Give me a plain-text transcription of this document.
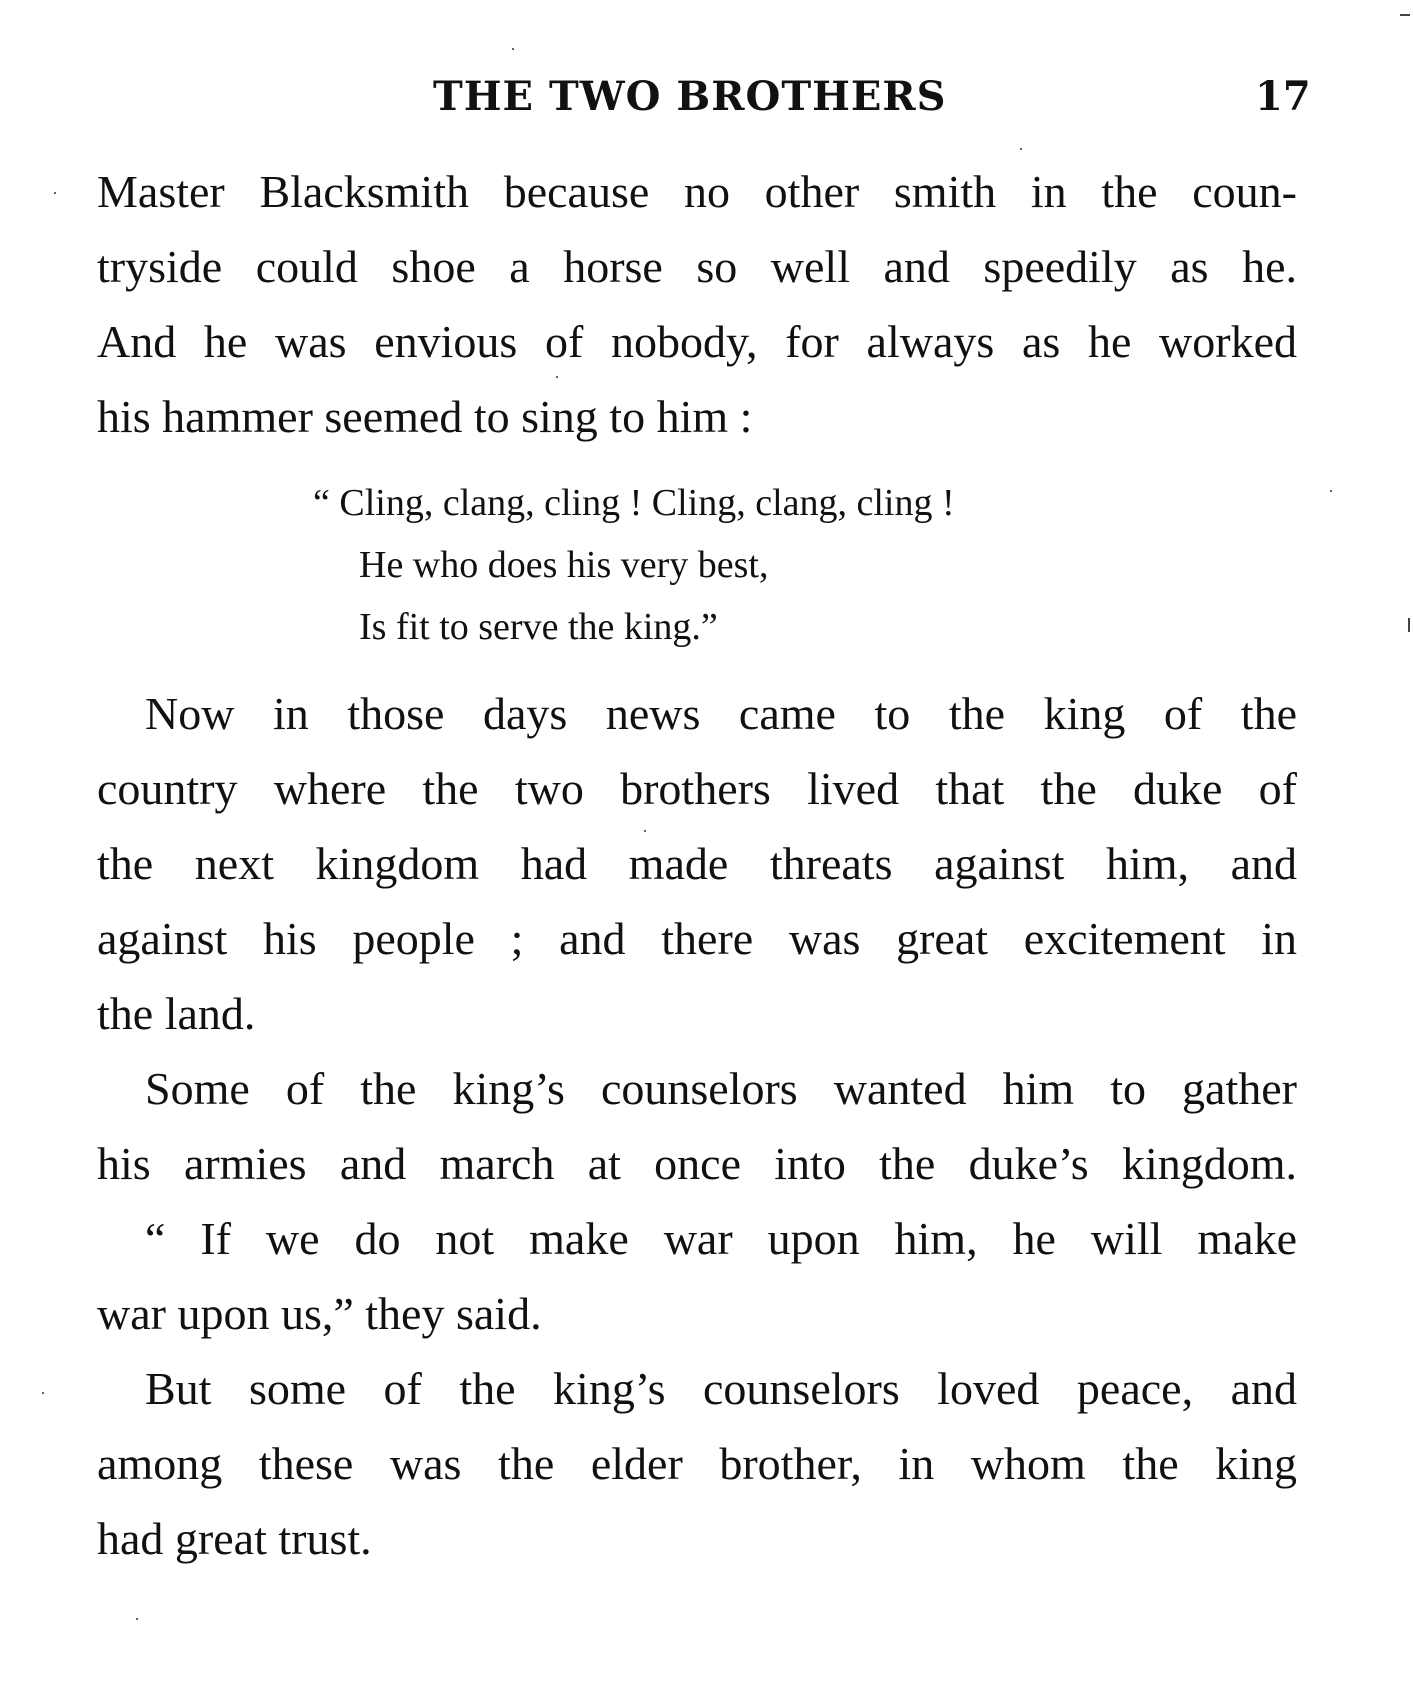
THE TWO BROTHERS	17
Master Blacksmith because no other smith in the coun-
tryside could shoe a horse so well and speedily as he.
And he was envious of nobody, for always as he worked
his hammer seemed to sing to him :
“ Cling, clang, cling ! Cling, clang, cling !
He who does his very best,
Is fit to serve the king.”
Now in those days news came to the king of the
country where the two brothers lived that the duke of
the next kingdom had made threats against him, and
against his people ; and there was great excitement in
the land.
Some of the king’s counselors wanted him to gather
his armies and march at once into the duke’s kingdom.
“ If we do not make war upon him, he will make
war upon us,” they said.
But some of the king’s counselors loved peace, and
among these was the elder brother, in whom the king
had great trust.
